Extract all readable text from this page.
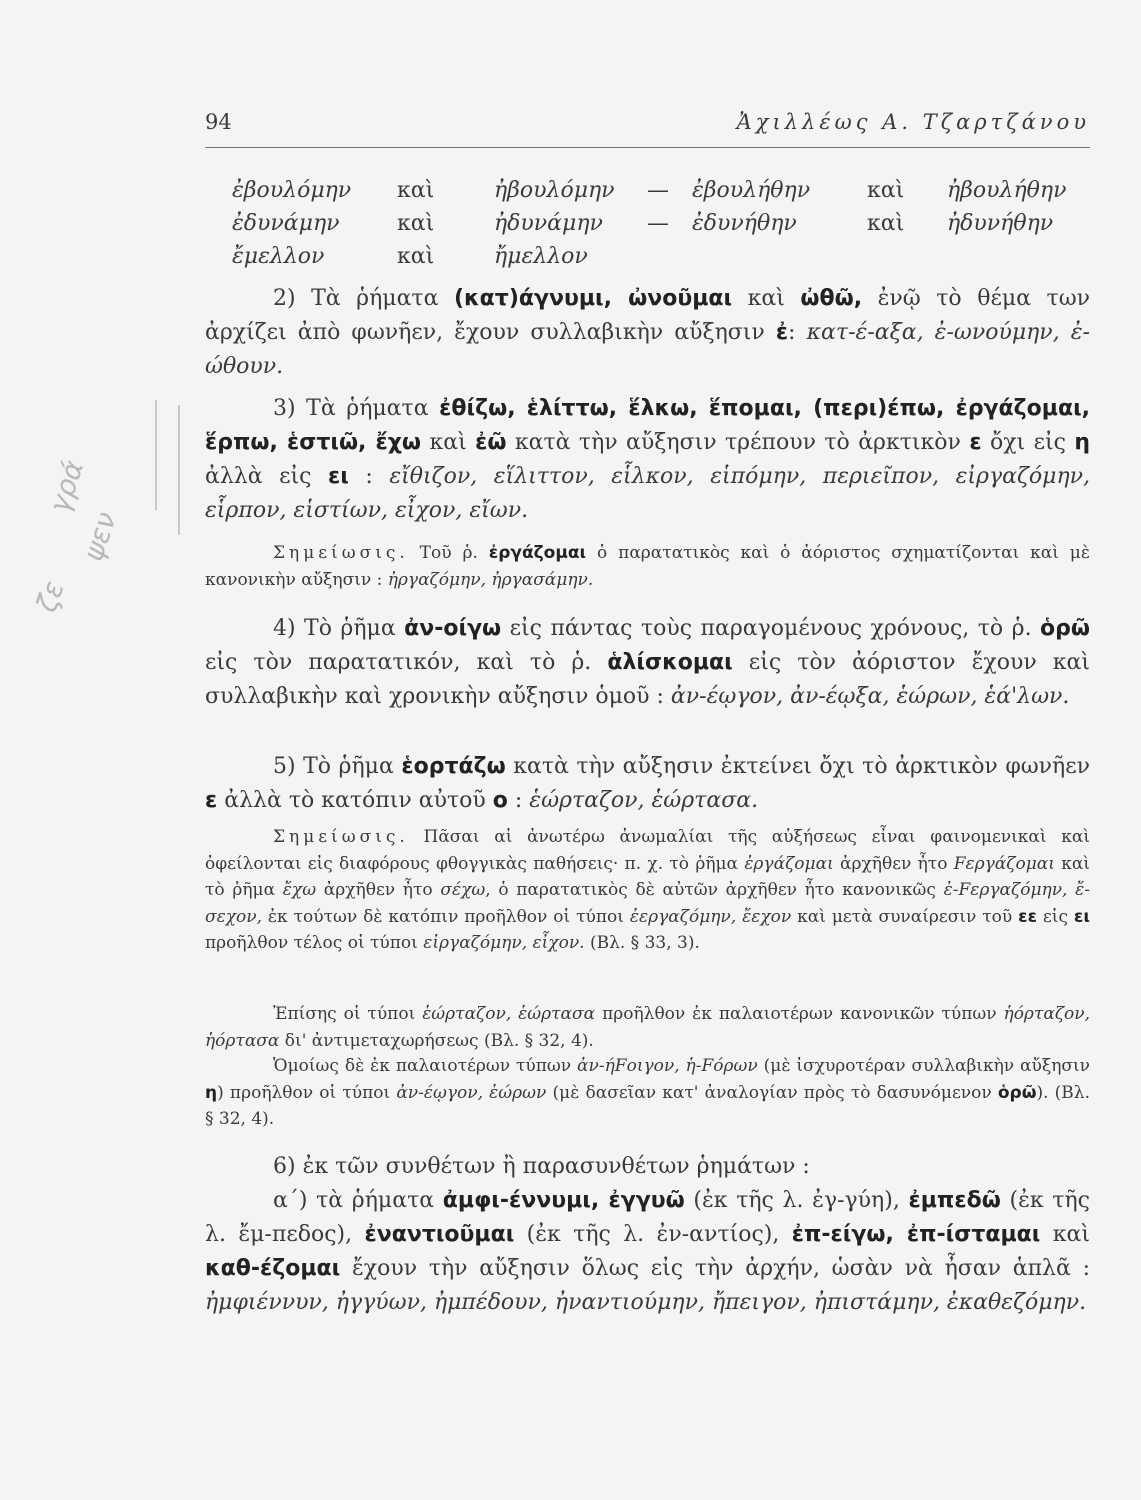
94	Ἀχιλλέως Α. Τζαρτζάνου
ἐβουλόμην καὶ	ἠβουλόμην — ἐβουλήθην	καὶ ἠβουλήθην
ἐδυνάμην	καὶ	ἠδυνάμην — ἐδυνήθην	καὶ ἠδυνήθην
ἔμελλον	καὶ	ἤμελλον

2) Τὰ ῥήματα (κατ)άγνυμι, ὠνοῦμαι καὶ ὠθῶ, ἐνῷ τὸ θέμα των ἀρχίζει ἀπὸ φωνῆεν, ἔχουν συλλαβικὴν αὔξησιν ἐ: κατ-έ-αξα, ἐ-ωνούμην, ἐ-ώθουν.

3) Τὰ ῥήματα ἐθίζω, ἑλίττω, ἕλκω, ἕπομαι, (περι)έπω, ἐργάζομαι, ἕρπω, ἑστιῶ, ἔχω καὶ ἐῶ κατὰ τὴν αὔξησιν τρέπουν τὸ ἀρκτικὸν ε ὄχι εἰς η ἀλλὰ εἰς ει : εἴθιζον, εἵλιττον, εἷλκον, εἱπόμην, περιεῖπον, εἰργαζόμην, εἷρπον, εἱστίων, εἶχον, εἴων.

Σημείωσις. Τοῦ ῥ. ἐργάζομαι ὁ παρατατικὸς καὶ ὁ ἀόριστος σχηματίζονται καὶ μὲ κανονικὴν αὔξησιν : ἠργαζόμην, ἠργασάμην.

4) Τὸ ῥῆμα ἀν-οίγω εἰς πάντας τοὺς παραγομένους χρόνους, τὸ ῥ. ὁρῶ εἰς τὸν παρατατικόν, καὶ τὸ ῥ. ἁλίσκομαι εἰς τὸν ἀόριστον ἔχουν καὶ συλλαβικὴν καὶ χρονικὴν αὔξησιν ὁμοῦ : ἀν-έῳγον, ἀν-έῳξα, ἑώρων, ἑά'λων.

5) Τὸ ῥῆμα ἑορτάζω κατὰ τὴν αὔξησιν ἐκτείνει ὄχι τὸ ἀρκτικὸν φωνῆεν ε ἀλλὰ τὸ κατόπιν αὐτοῦ ο : ἑώρταζον, ἑώρτασα.

Σημείωσις. Πᾶσαι αἱ ἀνωτέρω ἀνωμαλίαι τῆς αὐξήσεως εἶναι φαινομενικαὶ καὶ ὀφείλονται εἰς διαφόρους φθογγικὰς παθήσεις· π. χ. τὸ ῥῆμα ἐργάζομαι ἀρχῆθεν ἦτο Fεργάζομαι καὶ τὸ ῥῆμα ἔχω ἀρχῆθεν ἦτο σέχω, ὁ παρατατικὸς δὲ αὐτῶν ἀρχῆθεν ἦτο κανονικῶς ἐ-Fεργαζόμην, ἔ-σεχον, ἐκ τούτων δὲ κατόπιν προῆλθον οἱ τύποι ἐεργαζόμην, ἔεχον καὶ μετὰ συναίρεσιν τοῦ εε εἰς ει προῆλθον τέλος οἱ τύποι εἰργαζόμην, εἶχον. (Βλ. § 33, 3).

Ἐπίσης οἱ τύποι ἑώρταζον, ἑώρτασα προῆλθον ἐκ παλαιοτέρων κανονικῶν τύπων ἡόρταζον, ἡόρτασα δι' ἀντιμεταχωρήσεως (Βλ. § 32, 4).

Ὁμοίως δὲ ἐκ παλαιοτέρων τύπων ἀν-ήFοιγον, ἡ-Fόρων (μὲ ἰσχυροτέραν συλλαβικὴν αὔξησιν η) προῆλθον οἱ τύποι ἀν-έῳγον, ἑώρων (μὲ δασεῖαν κατ' ἀναλογίαν πρὸς τὸ δασυνόμενον ὁρῶ). (Βλ. § 32, 4).

6) ἐκ τῶν συνθέτων ἢ παρασυνθέτων ῥημάτων :

α΄) τὰ ῥήματα ἀμφι-έννυμι, ἐγγυῶ (ἐκ τῆς λ. ἐγ-γύη), ἐμπεδῶ (ἐκ τῆς λ. ἔμ-πεδος), ἐναντιοῦμαι (ἐκ τῆς λ. ἐν-αντίος), ἐπ-είγω, ἐπ-ίσταμαι καὶ καθ-έζομαι ἔχουν τὴν αὔξησιν ὅλως εἰς τὴν ἀρχήν, ὡσὰν νὰ ἦσαν ἁπλᾶ : ἠμφιέννυν, ἠγγύων, ἠμπέδουν, ἠναντιούμην, ἤπειγον, ἠπιστάμην, ἐκαθεζόμην.

γρά
ψεν
ζε
